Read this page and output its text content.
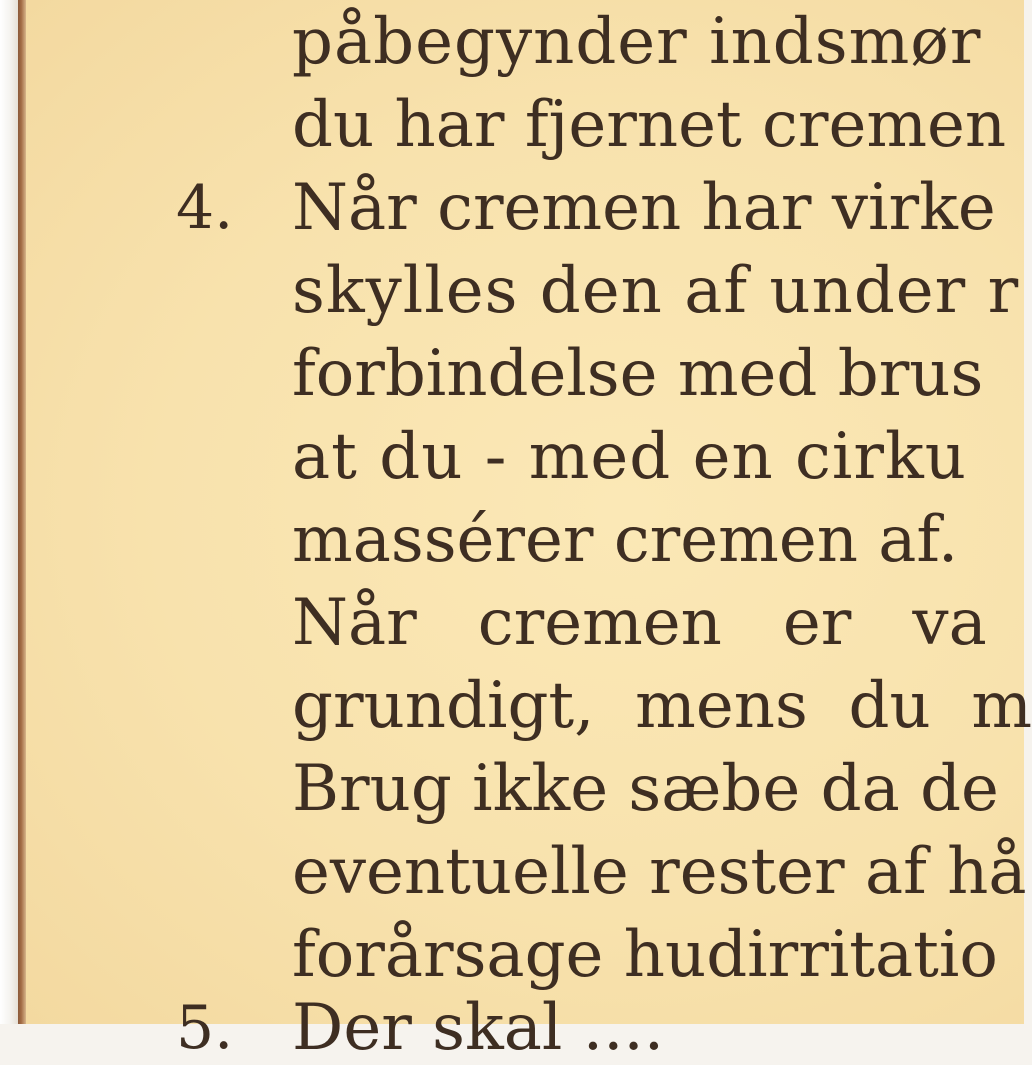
påbegynder indsmør
du har fjernet cremen
4. Når cremen har virke
skylles den af under r
forbindelse med brus
at du - med en cirku
massérer cremen af.
Når   cremen   er   va
grundigt,  mens  du  m
Brug ikke sæbe da de
eventuelle rester af hå
forårsage hudirritatio
5. Der skal ....
